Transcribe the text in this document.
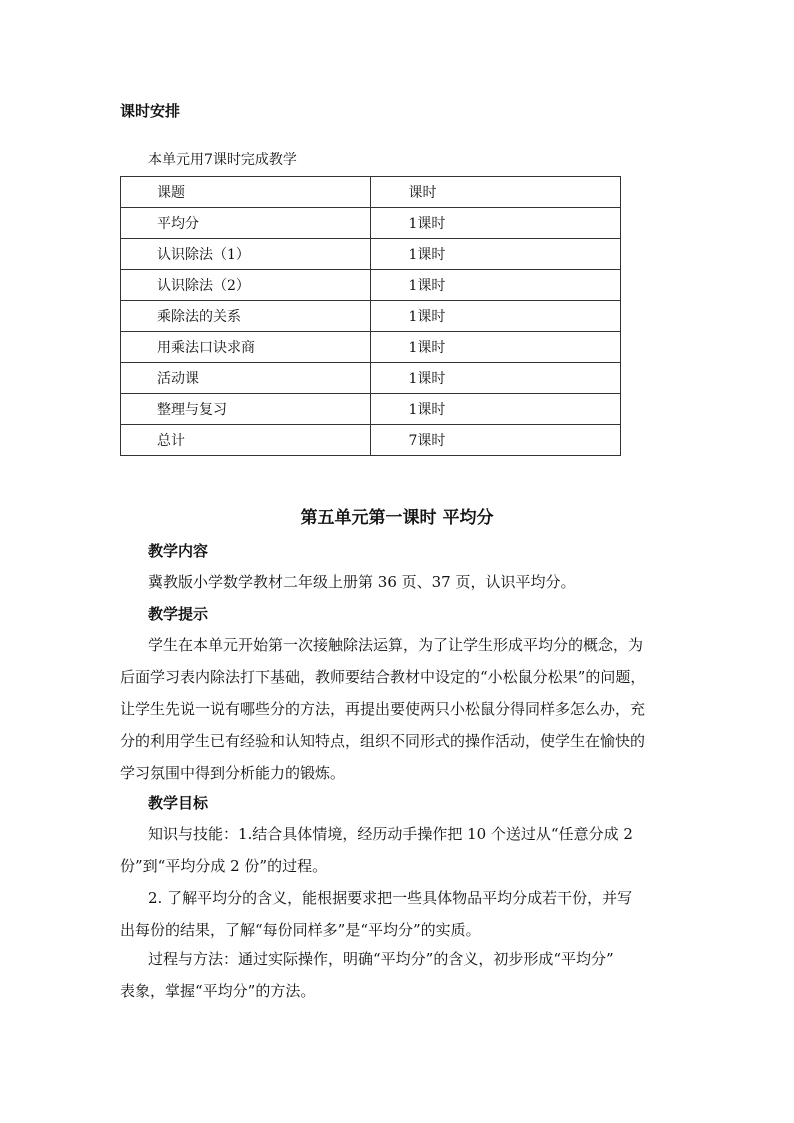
课时安排
本单元用7课时完成教学
课题	课时
平均分	1课时
认识除法（1）	1课时
认识除法（2）	1课时
乘除法的关系	1课时
用乘法口诀求商	1课时
活动课	1课时
整理与复习	1课时
总计	7课时
第五单元第一课时 平均分
教学内容
冀教版小学数学教材二年级上册第 36 页、37 页，认识平均分。
教学提示
学生在本单元开始第一次接触除法运算，为了让学生形成平均分的概念，为
后面学习表内除法打下基础，教师要结合教材中设定的“小松鼠分松果”的问题，
让学生先说一说有哪些分的方法，再提出要使两只小松鼠分得同样多怎么办，充
分的利用学生已有经验和认知特点，组织不同形式的操作活动，使学生在愉快的
学习氛围中得到分析能力的锻炼。
教学目标
知识与技能：1.结合具体情境，经历动手操作把 10 个送过从“任意分成 2
份”到“平均分成 2 份”的过程。
2. 了解平均分的含义，能根据要求把一些具体物品平均分成若干份，并写
出每份的结果，了解“每份同样多”是“平均分”的实质。
过程与方法：通过实际操作，明确“平均分”的含义，初步形成“平均分”
表象，掌握“平均分”的方法。
